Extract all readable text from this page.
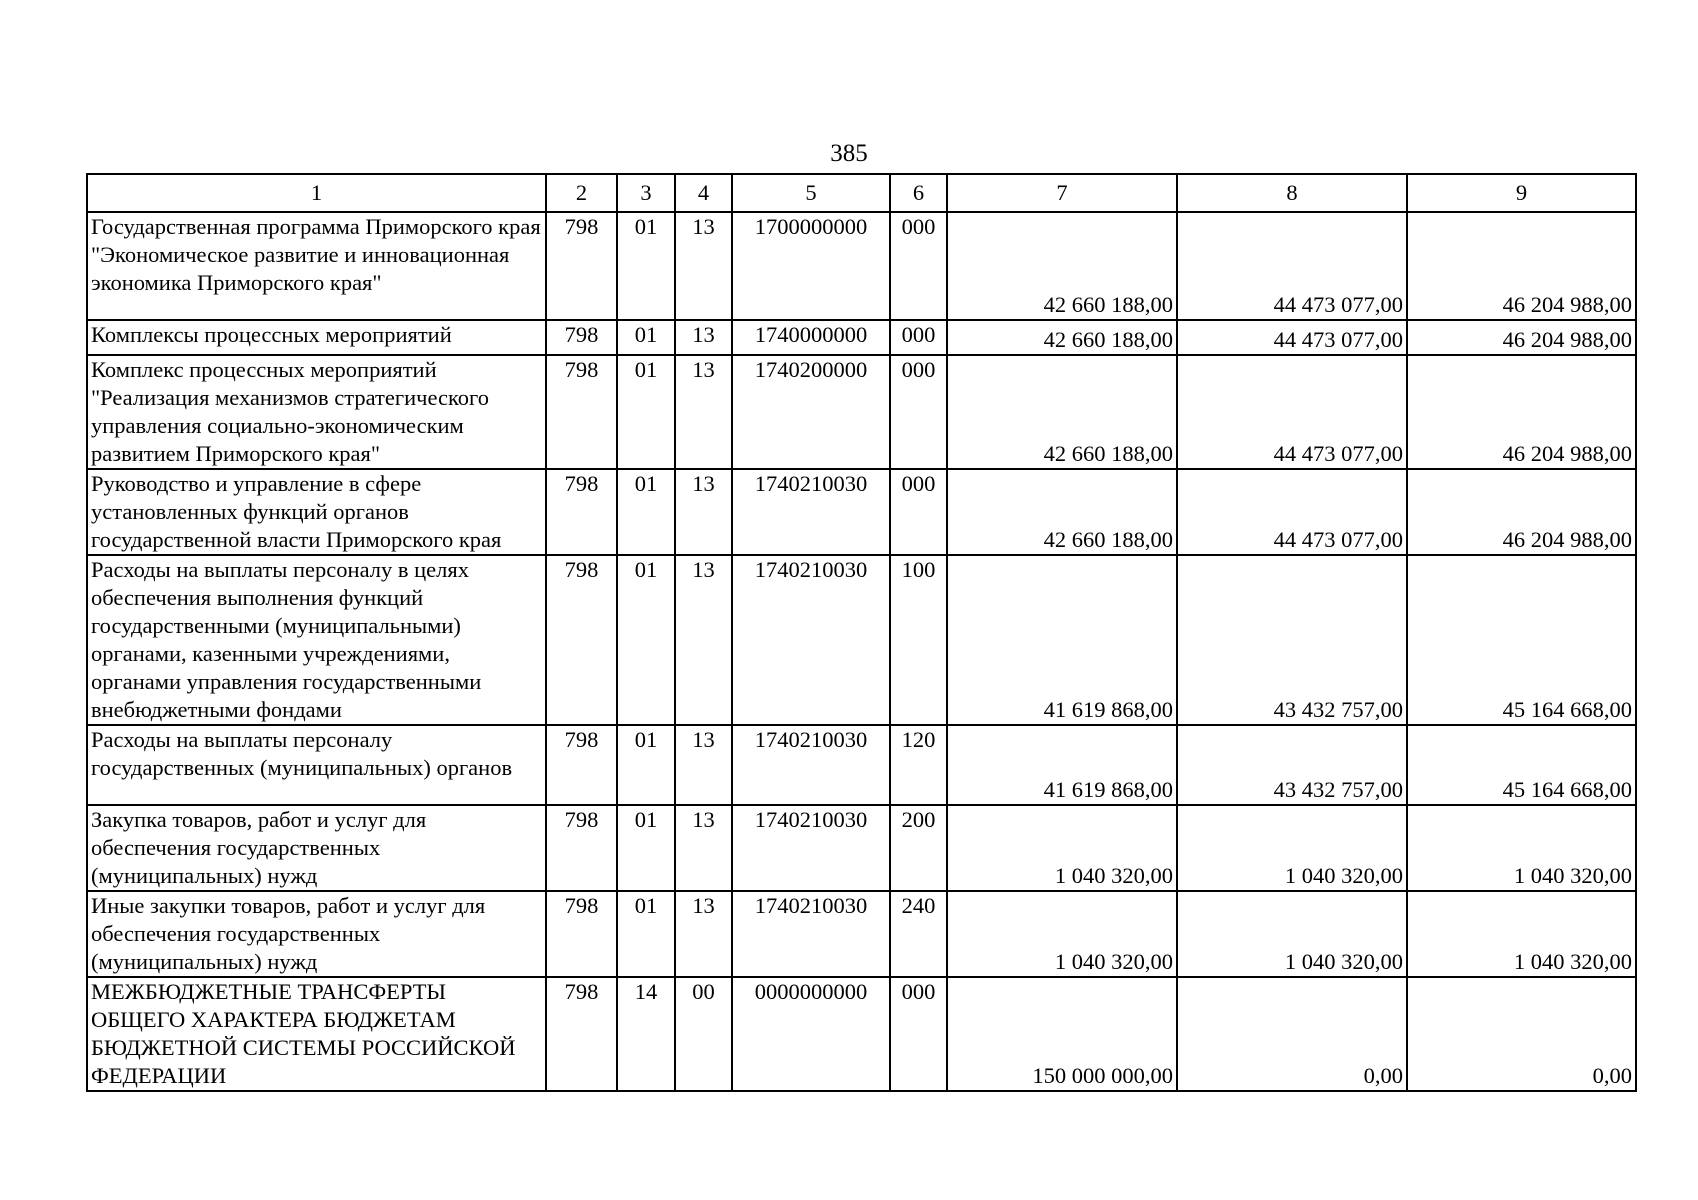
385
1	2	3	4	5	6	7	8	9
Государственная программа Приморского края "Экономическое развитие и инновационная экономика Приморского края"	798	01	13	1700000000	000	42 660 188,00	44 473 077,00	46 204 988,00
Комплексы процессных мероприятий	798	01	13	1740000000	000	42 660 188,00	44 473 077,00	46 204 988,00
Комплекс процессных мероприятий "Реализация механизмов стратегического управления социально-экономическим развитием Приморского края"	798	01	13	1740200000	000	42 660 188,00	44 473 077,00	46 204 988,00
Руководство и управление в сфере установленных функций органов государственной власти Приморского края	798	01	13	1740210030	000	42 660 188,00	44 473 077,00	46 204 988,00
Расходы на выплаты персоналу в целях обеспечения выполнения функций государственными (муниципальными) органами, казенными учреждениями, органами управления государственными внебюджетными фондами	798	01	13	1740210030	100	41 619 868,00	43 432 757,00	45 164 668,00
Расходы на выплаты персоналу государственных (муниципальных) органов	798	01	13	1740210030	120	41 619 868,00	43 432 757,00	45 164 668,00
Закупка товаров, работ и услуг для обеспечения государственных (муниципальных) нужд	798	01	13	1740210030	200	1 040 320,00	1 040 320,00	1 040 320,00
Иные закупки товаров, работ и услуг для обеспечения государственных (муниципальных) нужд	798	01	13	1740210030	240	1 040 320,00	1 040 320,00	1 040 320,00
МЕЖБЮДЖЕТНЫЕ ТРАНСФЕРТЫ ОБЩЕГО ХАРАКТЕРА БЮДЖЕТАМ БЮДЖЕТНОЙ СИСТЕМЫ РОССИЙСКОЙ ФЕДЕРАЦИИ	798	14	00	0000000000	000	150 000 000,00	0,00	0,00
